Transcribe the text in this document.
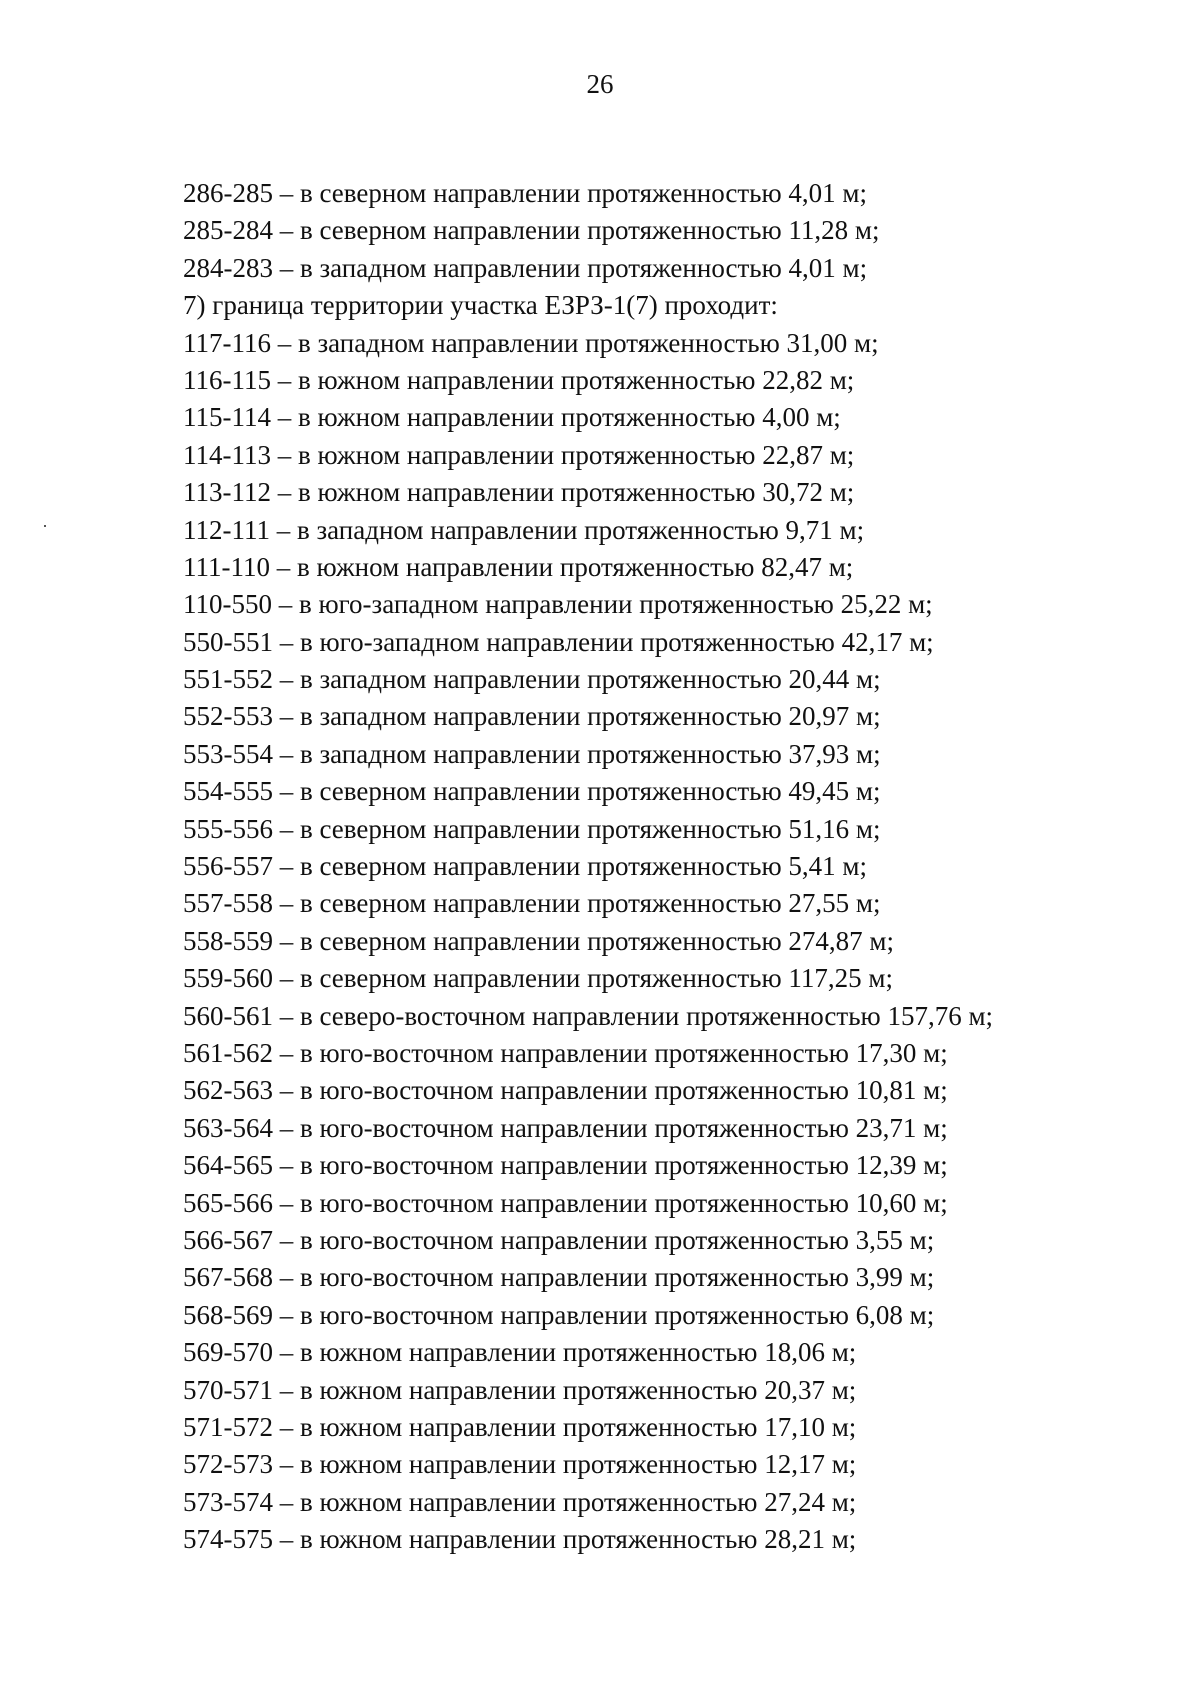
26
286-285 – в северном направлении протяженностью 4,01 м;
285-284 – в северном направлении протяженностью 11,28 м;
284-283 – в западном направлении протяженностью 4,01 м;
7) граница территории участка ЕЗРЗ-1(7) проходит:
117-116 – в западном направлении протяженностью 31,00 м;
116-115 – в южном направлении протяженностью 22,82 м;
115-114 – в южном направлении протяженностью 4,00 м;
114-113 – в южном направлении протяженностью 22,87 м;
113-112 – в южном направлении протяженностью 30,72 м;
112-111 – в западном направлении протяженностью 9,71 м;
111-110 – в южном направлении протяженностью 82,47 м;
110-550 – в юго-западном направлении протяженностью 25,22 м;
550-551 – в юго-западном направлении протяженностью 42,17 м;
551-552 – в западном направлении протяженностью 20,44 м;
552-553 – в западном направлении протяженностью 20,97 м;
553-554 – в западном направлении протяженностью 37,93 м;
554-555 – в северном направлении протяженностью 49,45 м;
555-556 – в северном направлении протяженностью 51,16 м;
556-557 – в северном направлении протяженностью 5,41 м;
557-558 – в северном направлении протяженностью 27,55 м;
558-559 – в северном направлении протяженностью 274,87 м;
559-560 – в северном направлении протяженностью 117,25 м;
560-561 – в северо-восточном направлении протяженностью 157,76 м;
561-562 – в юго-восточном направлении протяженностью 17,30 м;
562-563 – в юго-восточном направлении протяженностью 10,81 м;
563-564 – в юго-восточном направлении протяженностью 23,71 м;
564-565 – в юго-восточном направлении протяженностью 12,39 м;
565-566 – в юго-восточном направлении протяженностью 10,60 м;
566-567 – в юго-восточном направлении протяженностью 3,55 м;
567-568 – в юго-восточном направлении протяженностью 3,99 м;
568-569 – в юго-восточном направлении протяженностью 6,08 м;
569-570 – в южном направлении протяженностью 18,06 м;
570-571 – в южном направлении протяженностью 20,37 м;
571-572 – в южном направлении протяженностью 17,10 м;
572-573 – в южном направлении протяженностью 12,17 м;
573-574 – в южном направлении протяженностью 27,24 м;
574-575 – в южном направлении протяженностью 28,21 м;
